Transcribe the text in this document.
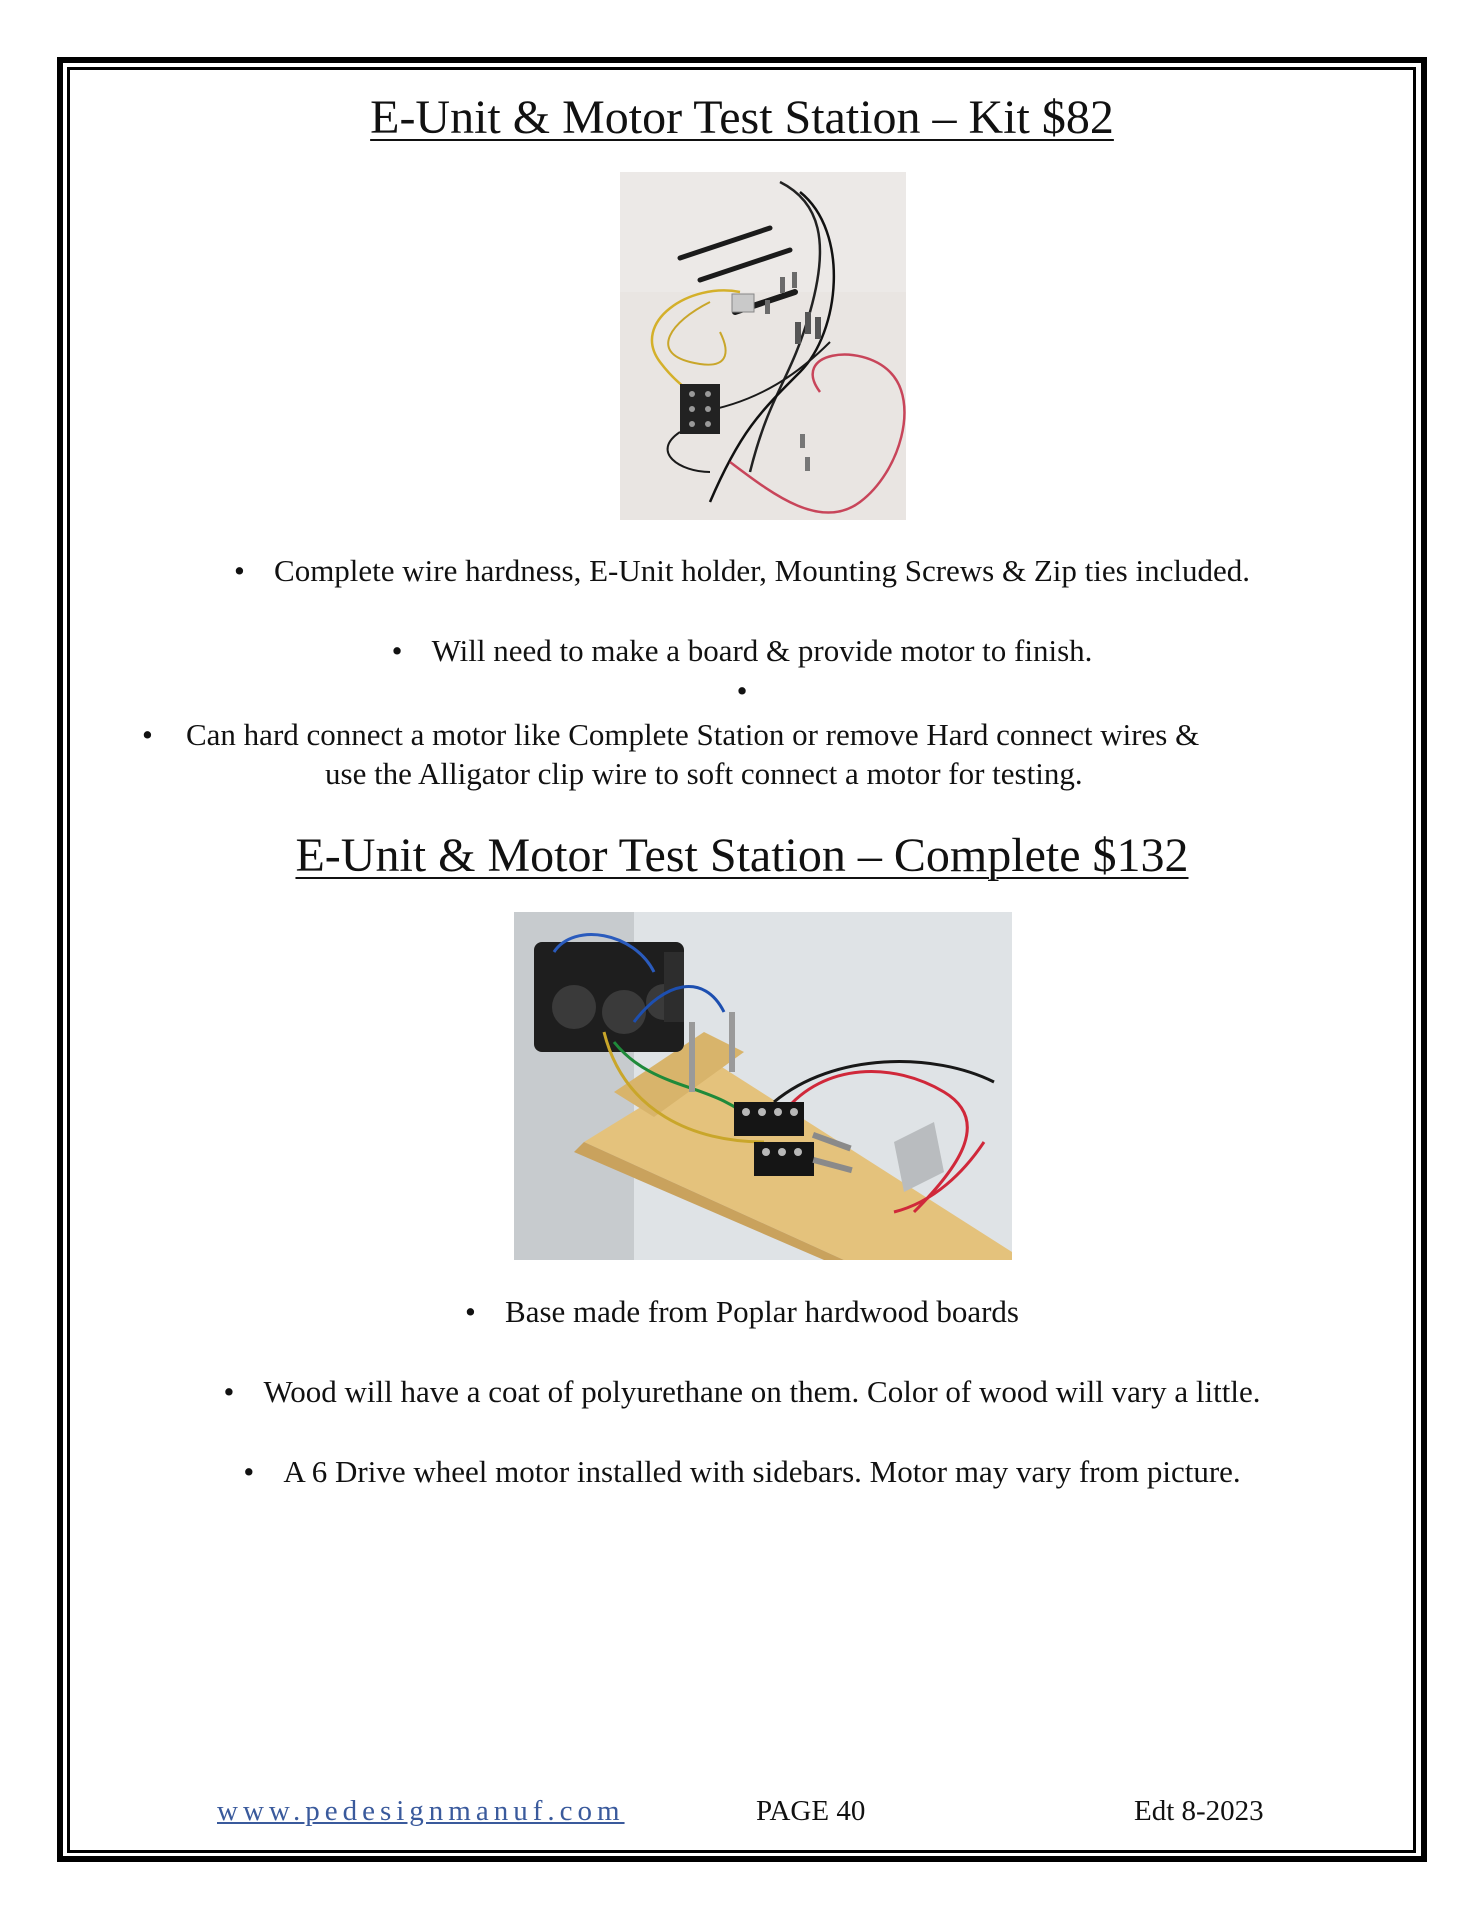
E-Unit & Motor Test Station – Kit $82
• Complete wire hardness, E-Unit holder, Mounting Screws & Zip ties included.
• Will need to make a board & provide motor to finish.
•
• Can hard connect a motor like Complete Station or remove Hard connect wires &
use the Alligator clip wire to soft connect a motor for testing.
E-Unit & Motor Test Station – Complete $132
• Base made from Poplar hardwood boards
• Wood will have a coat of polyurethane on them. Color of wood will vary a little.
• A 6 Drive wheel motor installed with sidebars. Motor may vary from picture.
www.pedesignmanuf.com	PAGE 40	Edt 8-2023
